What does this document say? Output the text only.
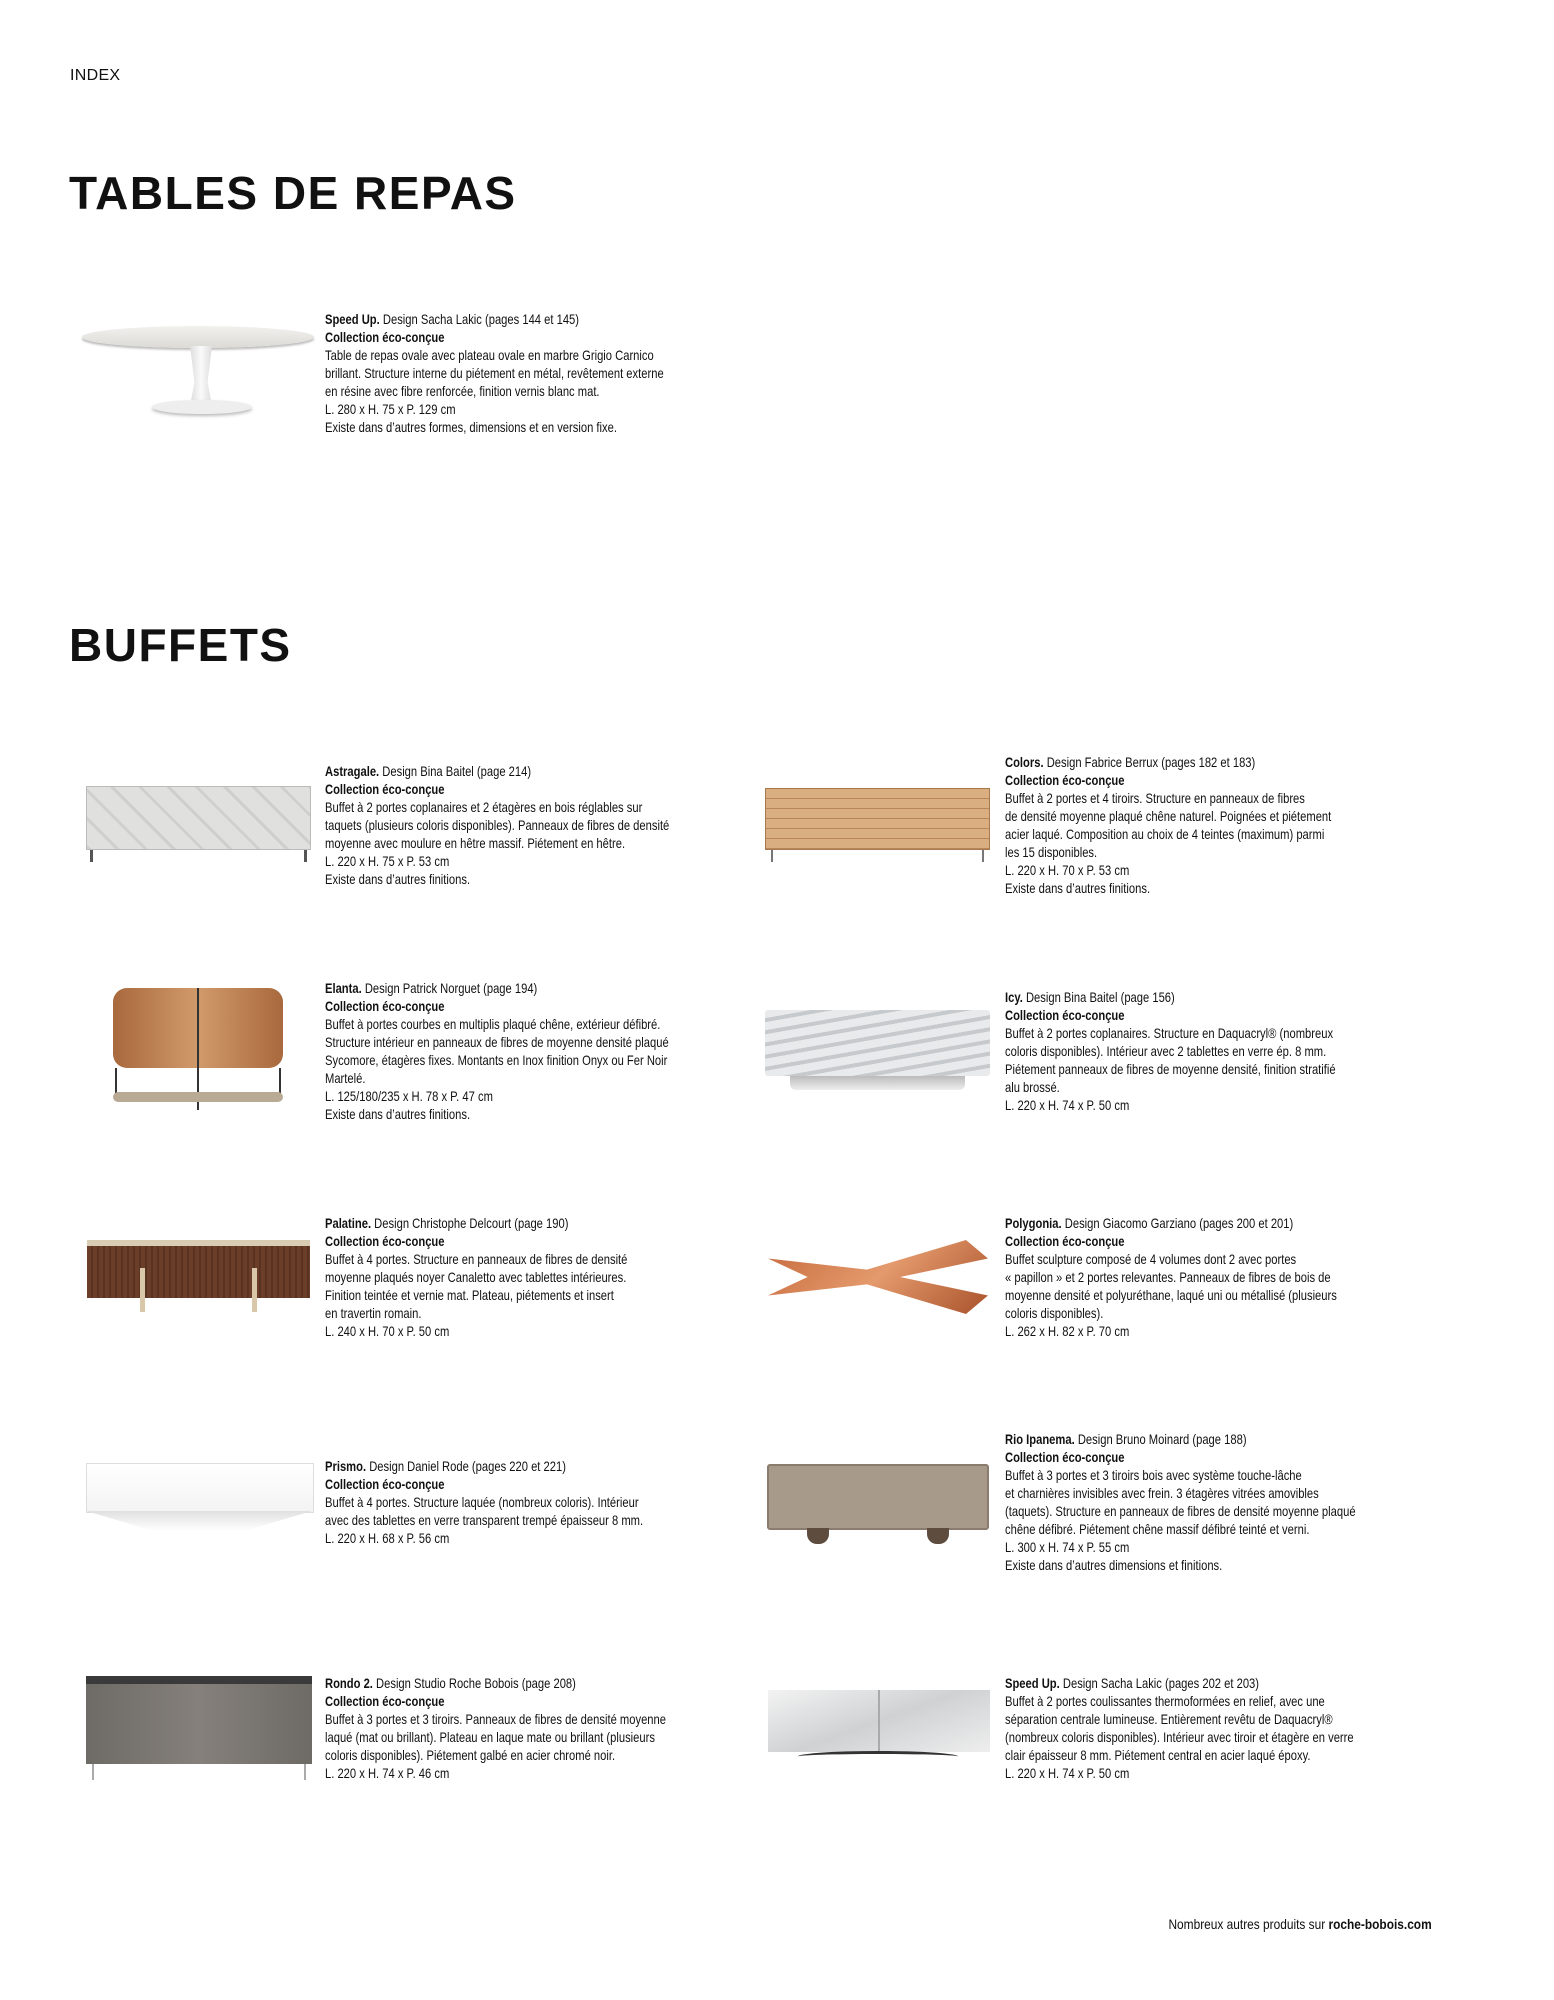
INDEX
TABLES DE REPAS
BUFFETS
Speed Up. Design Sacha Lakic (pages 144 et 145)
Collection éco-conçue
Table de repas ovale avec plateau ovale en marbre Grigio Carnico
brillant. Structure interne du piétement en métal, revêtement externe
en résine avec fibre renforcée, finition vernis blanc mat.
L. 280 x H. 75 x P. 129 cm
Existe dans d’autres formes, dimensions et en version fixe.
Astragale. Design Bina Baitel (page 214)
Collection éco-conçue
Buffet à 2 portes coplanaires et 2 étagères en bois réglables sur
taquets (plusieurs coloris disponibles). Panneaux de fibres de densité
moyenne avec moulure en hêtre massif. Piétement en hêtre.
L. 220 x H. 75 x P. 53 cm
Existe dans d’autres finitions.
Colors. Design Fabrice Berrux (pages 182 et 183)
Collection éco-conçue
Buffet à 2 portes et 4 tiroirs. Structure en panneaux de fibres
de densité moyenne plaqué chêne naturel. Poignées et piétement
acier laqué. Composition au choix de 4 teintes (maximum) parmi
les 15 disponibles.
L. 220 x H. 70 x P. 53 cm
Existe dans d’autres finitions.
Elanta. Design Patrick Norguet (page 194)
Collection éco-conçue
Buffet à portes courbes en multiplis plaqué chêne, extérieur défibré.
Structure intérieur en panneaux de fibres de moyenne densité plaqué
Sycomore, étagères fixes. Montants en Inox finition Onyx ou Fer Noir
Martelé.
L. 125/180/235 x H. 78 x P. 47 cm
Existe dans d’autres finitions.
Icy. Design Bina Baitel (page 156)
Collection éco-conçue
Buffet à 2 portes coplanaires. Structure en Daquacryl® (nombreux
coloris disponibles). Intérieur avec 2 tablettes en verre ép. 8 mm.
Piétement panneaux de fibres de moyenne densité, finition stratifié
alu brossé.
L. 220 x H. 74 x P. 50 cm
Palatine. Design Christophe Delcourt (page 190)
Collection éco-conçue
Buffet à 4 portes. Structure en panneaux de fibres de densité
moyenne plaqués noyer Canaletto avec tablettes intérieures.
Finition teintée et vernie mat. Plateau, piétements et insert
en travertin romain.
L. 240 x H. 70 x P. 50 cm
Polygonia. Design Giacomo Garziano (pages 200 et 201)
Collection éco-conçue
Buffet sculpture composé de 4 volumes dont 2 avec portes
« papillon » et 2 portes relevantes. Panneaux de fibres de bois de
moyenne densité et polyuréthane, laqué uni ou métallisé (plusieurs
coloris disponibles).
L. 262 x H. 82 x P. 70 cm
Prismo. Design Daniel Rode (pages 220 et 221)
Collection éco-conçue
Buffet à 4 portes. Structure laquée (nombreux coloris). Intérieur
avec des tablettes en verre transparent trempé épaisseur 8 mm.
L. 220 x H. 68 x P. 56 cm
Rio Ipanema. Design Bruno Moinard (page 188)
Collection éco-conçue
Buffet à 3 portes et 3 tiroirs bois avec système touche-lâche
et charnières invisibles avec frein. 3 étagères vitrées amovibles
(taquets). Structure en panneaux de fibres de densité moyenne plaqué
chêne défibré. Piétement chêne massif défibré teinté et verni.
L. 300 x H. 74 x P. 55 cm
Existe dans d’autres dimensions et finitions.
Rondo 2. Design Studio Roche Bobois (page 208)
Collection éco-conçue
Buffet à 3 portes et 3 tiroirs. Panneaux de fibres de densité moyenne
laqué (mat ou brillant). Plateau en laque mate ou brillant (plusieurs
coloris disponibles). Piétement galbé en acier chromé noir.
L. 220 x H. 74 x P. 46 cm
Speed Up. Design Sacha Lakic (pages 202 et 203)
Buffet à 2 portes coulissantes thermoformées en relief, avec une
séparation centrale lumineuse. Entièrement revêtu de Daquacryl®
(nombreux coloris disponibles). Intérieur avec tiroir et étagère en verre
clair épaisseur 8 mm. Piétement central en acier laqué époxy.
L. 220 x H. 74 x P. 50 cm
Nombreux autres produits sur roche-bobois.com
